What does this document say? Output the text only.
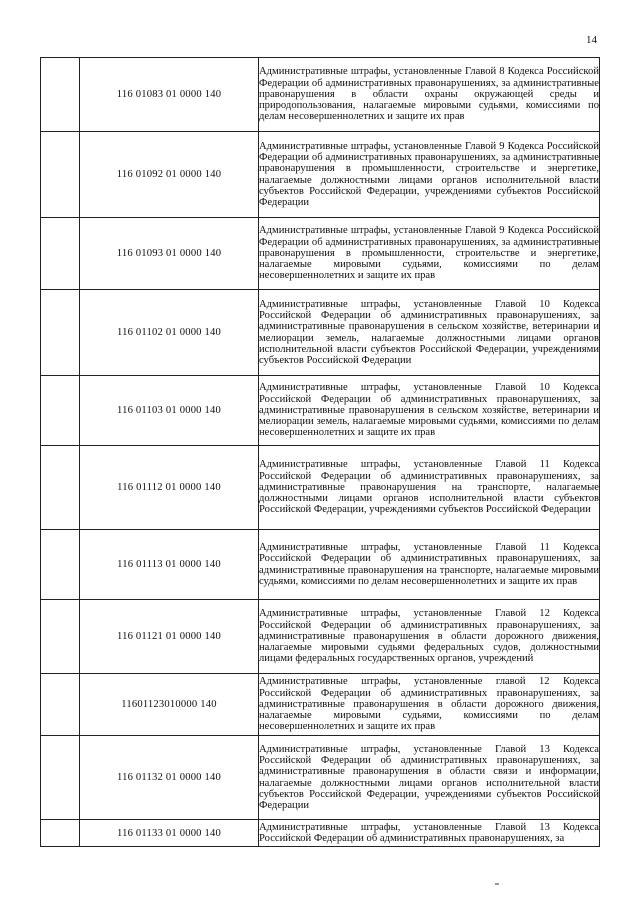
14
	116 01083 01 0000 140	Административные штрафы, установленные Главой 8 Кодекса Российской Федерации об административных правонарушениях, за административные правонарушения в области охраны окружающей среды и природопользования, налагаемые мировыми судьями, комиссиями по делам несовершеннолетних и защите их прав
	116 01092 01 0000 140	Административные штрафы, установленные Главой 9 Кодекса Российской Федерации об административных правонарушениях, за административные правонарушения в промышленности, строительстве и энергетике, налагаемые должностными лицами органов исполнительной власти субъектов Российской Федерации, учреждениями субъектов Российской Федерации
	116 01093 01 0000 140	Административные штрафы, установленные Главой 9 Кодекса Российской Федерации об административных правонарушениях, за административные правонарушения в промышленности, строительстве и энергетике, налагаемые мировыми судьями, комиссиями по делам несовершеннолетних и защите их прав
	116 01102 01 0000 140	Административные штрафы, установленные Главой 10 Кодекса Российской Федерации об административных правонарушениях, за административные правонарушения в сельском хозяйстве, ветеринарии и мелиорации земель, налагаемые должностными лицами органов исполнительной власти субъектов Российской Федерации, учреждениями субъектов Российской Федерации
	116 01103 01 0000 140	Административные штрафы, установленные Главой 10 Кодекса Российской Федерации об административных правонарушениях, за административные правонарушения в сельском хозяйстве, ветеринарии и мелиорации земель, налагаемые мировыми судьями, комиссиями по делам несовершеннолетних и защите их прав
	116 01112 01 0000 140	Административные штрафы, установленные Главой 11 Кодекса Российской Федерации об административных правонарушениях, за административные правонарушения на транспорте, налагаемые должностными лицами органов исполнительной власти субъектов Российской Федерации, учреждениями субъектов Российской Федерации
	116 01113 01 0000 140	Административные штрафы, установленные Главой 11 Кодекса Российской Федерации об административных правонарушениях, за административные правонарушения на транспорте, налагаемые мировыми судьями, комиссиями по делам несовершеннолетних и защите их прав
	116 01121 01 0000 140	Административные штрафы, установленные Главой 12 Кодекса Российской Федерации об административных правонарушениях, за административные правонарушения в области дорожного движения, налагаемые мировыми судьями федеральных судов, должностными лицами федеральных государственных органов, учреждений
	11601123010000 140	Административные штрафы, установленные главой 12 Кодекса Российской Федерации об административных правонарушениях, за административные правонарушения в области дорожного движения, налагаемые мировыми судьями, комиссиями по делам несовершеннолетних и защите их прав
	116 01132 01 0000 140	Административные штрафы, установленные Главой 13 Кодекса Российской Федерации об административных правонарушениях, за административные правонарушения в области связи и информации, налагаемые должностными лицами органов исполнительной власти субъектов Российской Федерации, учреждениями субъектов Российской Федерации
	116 01133 01 0000 140	Административные штрафы, установленные Главой 13 Кодекса Российской Федерации об административных правонарушениях, за
